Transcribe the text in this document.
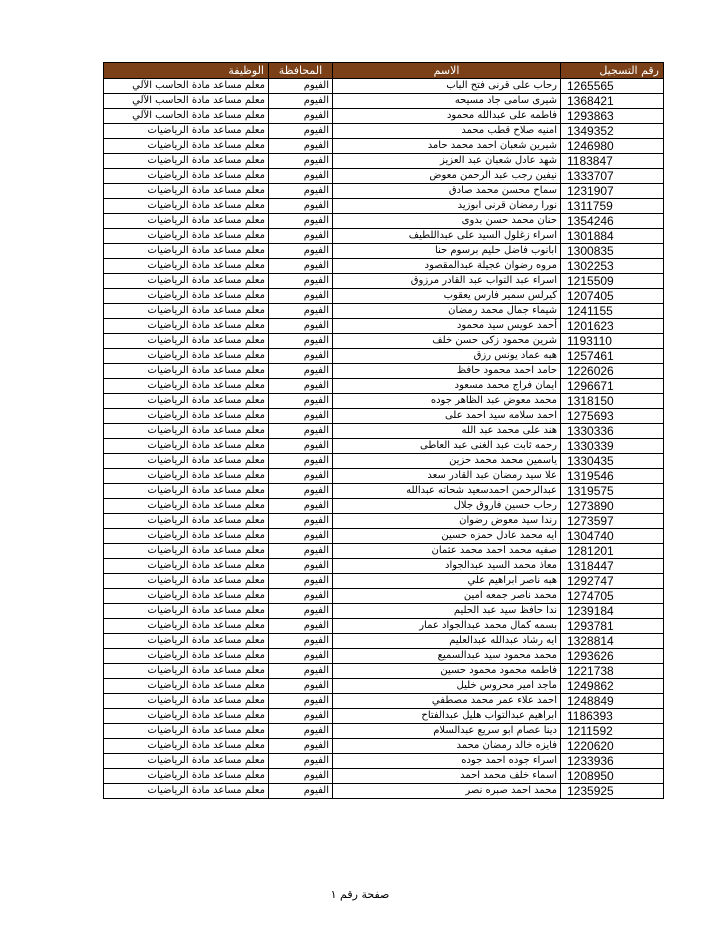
رقم التسجيل	الاسم	المحافظة	الوظيفة
1265565	رحاب على قرنى فتح الباب	الفيوم	معلم مساعد مادة الحاسب الآلي
1368421	شيرى سامى جاد مسيحه	الفيوم	معلم مساعد مادة الحاسب الآلي
1293863	فاطمه على عبدالله محمود	الفيوم	معلم مساعد مادة الحاسب الآلي
1349352	امنيه صلاح قطب محمد	الفيوم	معلم مساعد مادة الرياضيات
1246980	شيرين شعبان احمد محمد حامد	الفيوم	معلم مساعد مادة الرياضيات
1183847	شهد عادل شعبان عبد العزيز	الفيوم	معلم مساعد مادة الرياضيات
1333707	نيفين رجب عبد الرحمن معوض	الفيوم	معلم مساعد مادة الرياضيات
1231907	سماح محسن محمد صادق	الفيوم	معلم مساعد مادة الرياضيات
1311759	نورا رمضان قرنى ابوزيد	الفيوم	معلم مساعد مادة الرياضيات
1354246	حنان محمد حسن بدوى	الفيوم	معلم مساعد مادة الرياضيات
1301884	اسراء زغلول السيد على عبداللطيف	الفيوم	معلم مساعد مادة الرياضيات
1300835	ابانوب فاضل حليم برسوم حنا	الفيوم	معلم مساعد مادة الرياضيات
1302253	مروه رضوان عجيلة عبدالمقصود	الفيوم	معلم مساعد مادة الرياضيات
1215509	اسراء عبد التواب عبد القادر مرزوق	الفيوم	معلم مساعد مادة الرياضيات
1207405	كيرلس سمير فارس يعقوب	الفيوم	معلم مساعد مادة الرياضيات
1241155	شيماء جمال محمد رمضان	الفيوم	معلم مساعد مادة الرياضيات
1201623	أحمد عويس سيد محمود	الفيوم	معلم مساعد مادة الرياضيات
1193110	شرين محمود زكى حسن خلف	الفيوم	معلم مساعد مادة الرياضيات
1257461	هبه عماد يونس رزق	الفيوم	معلم مساعد مادة الرياضيات
1226026	حامد احمد محمود حافظ	الفيوم	معلم مساعد مادة الرياضيات
1296671	ايمان فراج محمد مسعود	الفيوم	معلم مساعد مادة الرياضيات
1318150	محمد معوض عبد الظاهر جوده	الفيوم	معلم مساعد مادة الرياضيات
1275693	احمد سلامه سيد احمد على	الفيوم	معلم مساعد مادة الرياضيات
1330336	هند على محمد عبد الله	الفيوم	معلم مساعد مادة الرياضيات
1330339	رحمه ثابت عبد الغنى عبد العاطى	الفيوم	معلم مساعد مادة الرياضيات
1330435	ياسمين محمد محمد حزين	الفيوم	معلم مساعد مادة الرياضيات
1319546	علا سيد رمضان عبد القادر سعد	الفيوم	معلم مساعد مادة الرياضيات
1319575	عبدالرحمن احمدسعيد شحاته عبدالله	الفيوم	معلم مساعد مادة الرياضيات
1273890	رحاب حسين فاروق جلال	الفيوم	معلم مساعد مادة الرياضيات
1273597	رندا سيد معوض رضوان	الفيوم	معلم مساعد مادة الرياضيات
1304740	ايه محمد عادل حمزه حسين	الفيوم	معلم مساعد مادة الرياضيات
1281201	صفيه محمد احمد محمد عثمان	الفيوم	معلم مساعد مادة الرياضيات
1318447	معاذ محمد السيد عبدالجواد	الفيوم	معلم مساعد مادة الرياضيات
1292747	هبه ناصر ابراهيم علي	الفيوم	معلم مساعد مادة الرياضيات
1274705	محمد ناصر جمعه امين	الفيوم	معلم مساعد مادة الرياضيات
1239184	ندا حافظ سيد عبد الحليم	الفيوم	معلم مساعد مادة الرياضيات
1293781	بسمه كمال محمد عبدالجواد عمار	الفيوم	معلم مساعد مادة الرياضيات
1328814	ايه رشاد عبدالله عبدالعليم	الفيوم	معلم مساعد مادة الرياضيات
1293626	محمد محمود سيد عبدالسميع	الفيوم	معلم مساعد مادة الرياضيات
1221738	فاطمه محمود محمود حسين	الفيوم	معلم مساعد مادة الرياضيات
1249862	ماجد امير محروس خليل	الفيوم	معلم مساعد مادة الرياضيات
1248849	احمد علاء عمر محمد مصطفي	الفيوم	معلم مساعد مادة الرياضيات
1186393	ابراهيم عبدالتواب هليل عبدالفتاح	الفيوم	معلم مساعد مادة الرياضيات
1211592	دينا عصام ابو سريع عبدالسلام	الفيوم	معلم مساعد مادة الرياضيات
1220620	فايزه خالد رمضان محمد	الفيوم	معلم مساعد مادة الرياضيات
1233936	اسراء جوده احمد جوده	الفيوم	معلم مساعد مادة الرياضيات
1208950	اسماء خلف محمد احمد	الفيوم	معلم مساعد مادة الرياضيات
1235925	محمد احمد صبره نصر	الفيوم	معلم مساعد مادة الرياضيات
صفحة رقم ١
